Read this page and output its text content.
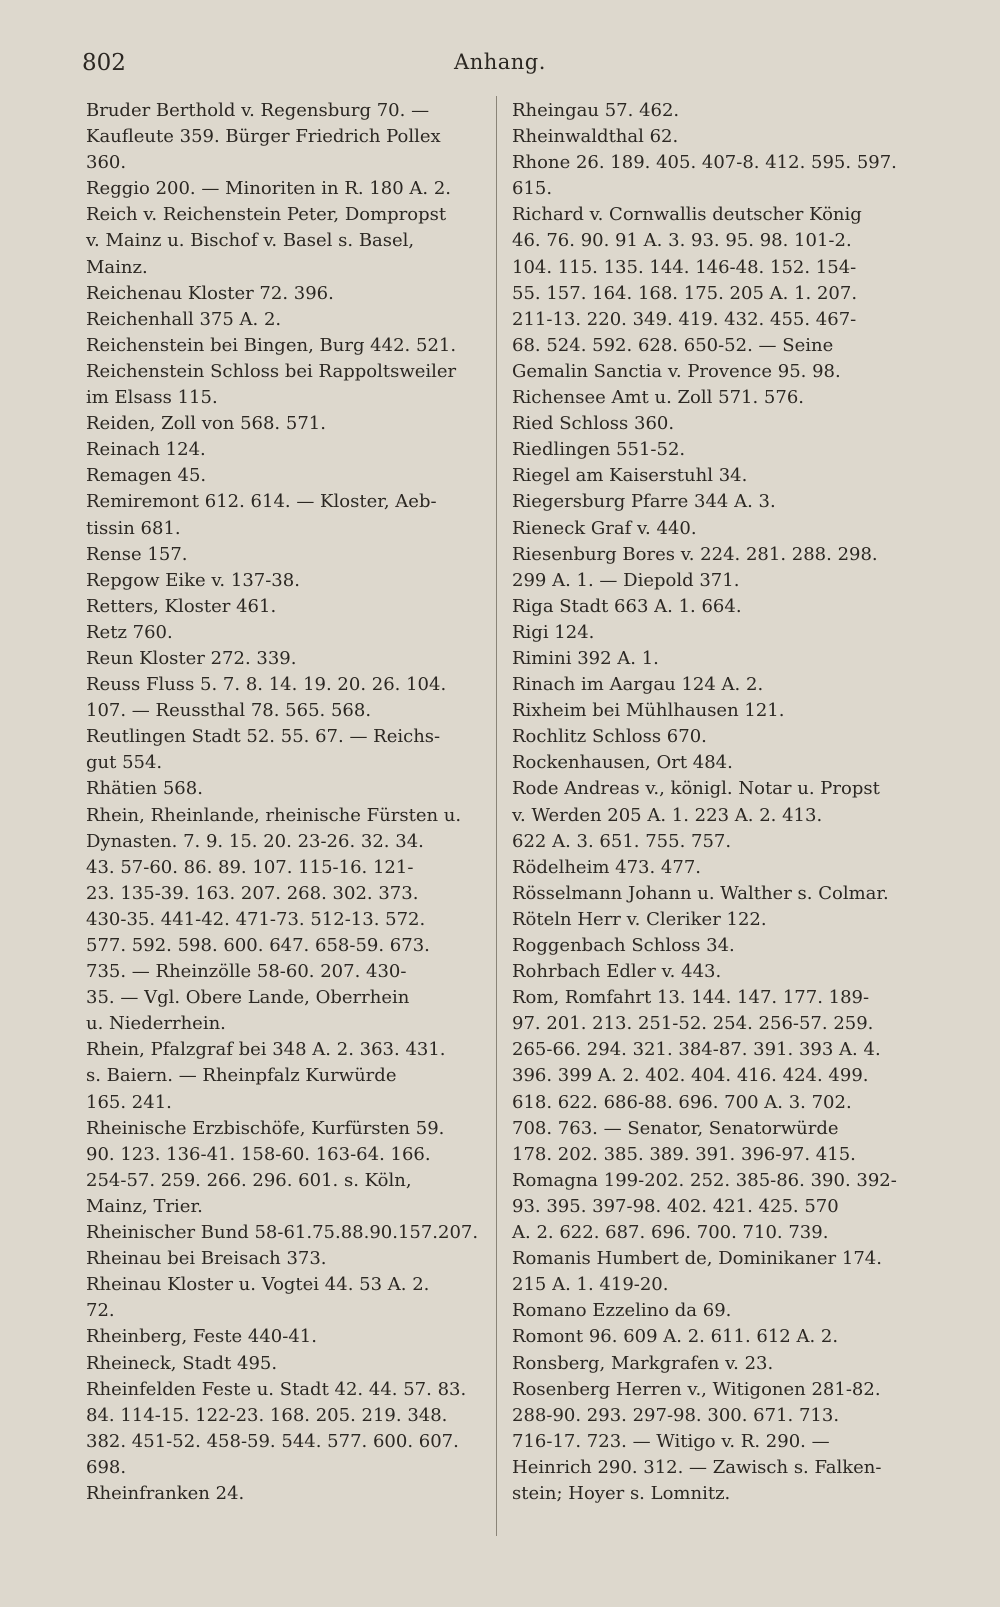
802	Anhang.
Bruder Berthold v. Regensburg 70. —
Kaufleute 359. Bürger Friedrich Pollex
360.
Reggio 200. — Minoriten in R. 180 A. 2.
Reich v. Reichenstein Peter, Dompropst
v. Mainz u. Bischof v. Basel s. Basel,
Mainz.
Reichenau Kloster 72. 396.
Reichenhall 375 A. 2.
Reichenstein bei Bingen, Burg 442. 521.
Reichenstein Schloss bei Rappoltsweiler
im Elsass 115.
Reiden, Zoll von 568. 571.
Reinach 124.
Remagen 45.
Remiremont 612. 614. — Kloster, Aeb-
tissin 681.
Rense 157.
Repgow Eike v. 137-38.
Retters, Kloster 461.
Retz 760.
Reun Kloster 272. 339.
Reuss Fluss 5. 7. 8. 14. 19. 20. 26. 104.
107. — Reussthal 78. 565. 568.
Reutlingen Stadt 52. 55. 67. — Reichs-
gut 554.
Rhätien 568.
Rhein, Rheinlande, rheinische Fürsten u.
Dynasten. 7. 9. 15. 20. 23-26. 32. 34.
43. 57-60. 86. 89. 107. 115-16. 121-
23. 135-39. 163. 207. 268. 302. 373.
430-35. 441-42. 471-73. 512-13. 572.
577. 592. 598. 600. 647. 658-59. 673.
735. — Rheinzölle 58-60. 207. 430-
35. — Vgl. Obere Lande, Oberrhein
u. Niederrhein.
Rhein, Pfalzgraf bei 348 A. 2. 363. 431.
s. Baiern. — Rheinpfalz Kurwürde
165. 241.
Rheinische Erzbischöfe, Kurfürsten 59.
90. 123. 136-41. 158-60. 163-64. 166.
254-57. 259. 266. 296. 601. s. Köln,
Mainz, Trier.
Rheinischer Bund 58-61.75.88.90.157.207.
Rheinau bei Breisach 373.
Rheinau Kloster u. Vogtei 44. 53 A. 2.
72.
Rheinberg, Feste 440-41.
Rheineck, Stadt 495.
Rheinfelden Feste u. Stadt 42. 44. 57. 83.
84. 114-15. 122-23. 168. 205. 219. 348.
382. 451-52. 458-59. 544. 577. 600. 607.
698.
Rheinfranken 24.
Rheingau 57. 462.
Rheinwaldthal 62.
Rhone 26. 189. 405. 407-8. 412. 595. 597.
615.
Richard v. Cornwallis deutscher König
46. 76. 90. 91 A. 3. 93. 95. 98. 101-2.
104. 115. 135. 144. 146-48. 152. 154-
55. 157. 164. 168. 175. 205 A. 1. 207.
211-13. 220. 349. 419. 432. 455. 467-
68. 524. 592. 628. 650-52. — Seine
Gemalin Sanctia v. Provence 95. 98.
Richensee Amt u. Zoll 571. 576.
Ried Schloss 360.
Riedlingen 551-52.
Riegel am Kaiserstuhl 34.
Riegersburg Pfarre 344 A. 3.
Rieneck Graf v. 440.
Riesenburg Bores v. 224. 281. 288. 298.
299 A. 1. — Diepold 371.
Riga Stadt 663 A. 1. 664.
Rigi 124.
Rimini 392 A. 1.
Rinach im Aargau 124 A. 2.
Rixheim bei Mühlhausen 121.
Rochlitz Schloss 670.
Rockenhausen, Ort 484.
Rode Andreas v., königl. Notar u. Propst
v. Werden 205 A. 1. 223 A. 2. 413.
622 A. 3. 651. 755. 757.
Rödelheim 473. 477.
Rösselmann Johann u. Walther s. Colmar.
Röteln Herr v. Cleriker 122.
Roggenbach Schloss 34.
Rohrbach Edler v. 443.
Rom, Romfahrt 13. 144. 147. 177. 189-
97. 201. 213. 251-52. 254. 256-57. 259.
265-66. 294. 321. 384-87. 391. 393 A. 4.
396. 399 A. 2. 402. 404. 416. 424. 499.
618. 622. 686-88. 696. 700 A. 3. 702.
708. 763. — Senator, Senatorwürde
178. 202. 385. 389. 391. 396-97. 415.
Romagna 199-202. 252. 385-86. 390. 392-
93. 395. 397-98. 402. 421. 425. 570
A. 2. 622. 687. 696. 700. 710. 739.
Romanis Humbert de, Dominikaner 174.
215 A. 1. 419-20.
Romano Ezzelino da 69.
Romont 96. 609 A. 2. 611. 612 A. 2.
Ronsberg, Markgrafen v. 23.
Rosenberg Herren v., Witigonen 281-82.
288-90. 293. 297-98. 300. 671. 713.
716-17. 723. — Witigo v. R. 290. —
Heinrich 290. 312. — Zawisch s. Falken-
stein; Hoyer s. Lomnitz.
